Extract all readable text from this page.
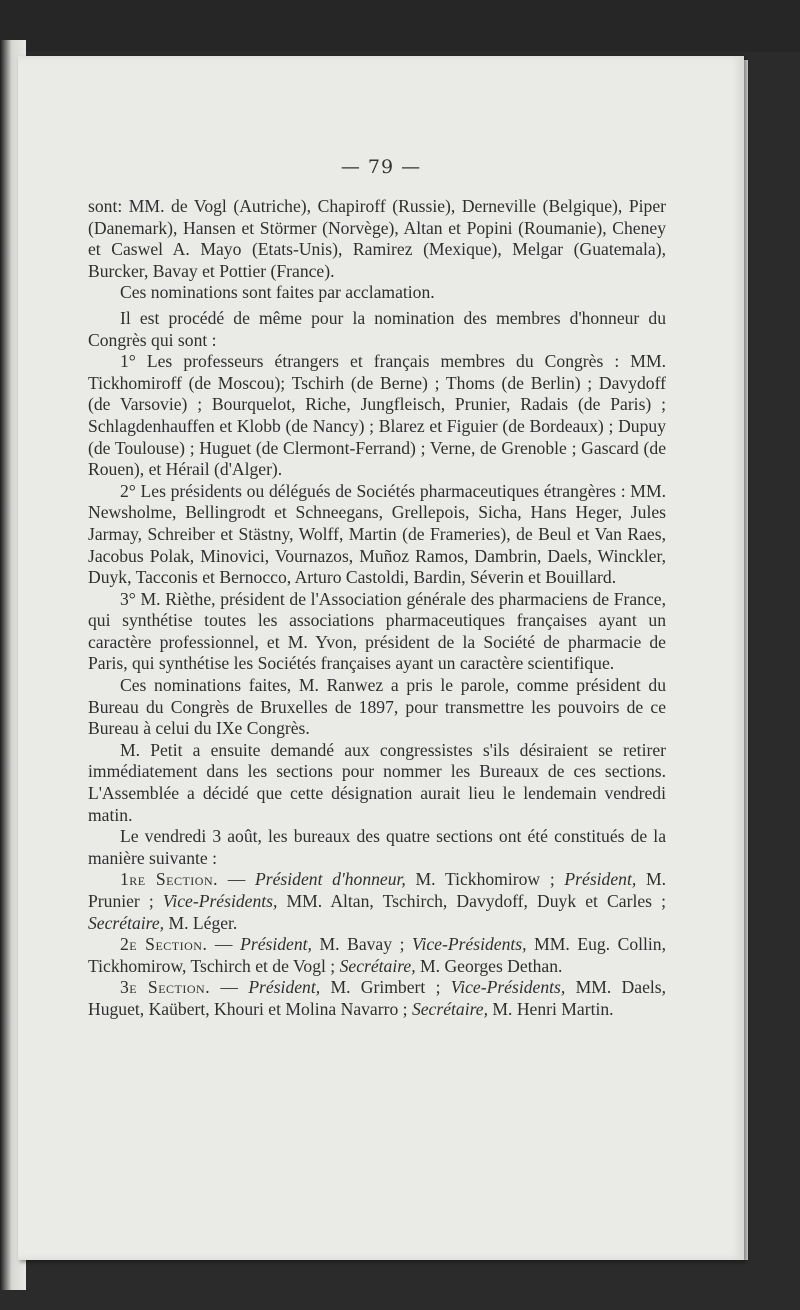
— 79 —

sont: MM. de Vogl (Autriche), Chapiroff (Russie), Derneville (Belgique), Piper (Danemark), Hansen et Störmer (Norvège), Altan et Popini (Roumanie), Cheney et Caswel A. Mayo (Etats-Unis), Ramirez (Mexique), Melgar (Guatemala), Burcker, Bavay et Pottier (France).

Ces nominations sont faites par acclamation.

Il est procédé de même pour la nomination des membres d'honneur du Congrès qui sont :

1° Les professeurs étrangers et français membres du Congrès : MM. Tickhomiroff (de Moscou); Tschirh (de Berne) ; Thoms (de Berlin) ; Davydoff (de Varsovie) ; Bourquelot, Riche, Jungfleisch, Prunier, Radais (de Paris) ; Schlagdenhauffen et Klobb (de Nancy) ; Blarez et Figuier (de Bordeaux) ; Dupuy (de Toulouse) ; Huguet (de Clermont-Ferrand) ; Verne, de Grenoble ; Gascard (de Rouen), et Hérail (d'Alger).

2° Les présidents ou délégués de Sociétés pharmaceutiques étrangères : MM. Newsholme, Bellingrodt et Schneegans, Grellepois, Sicha, Hans Heger, Jules Jarmay, Schreiber et Stästny, Wolff, Martin (de Frameries), de Beul et Van Raes, Jacobus Polak, Minovici, Vournazos, Muñoz Ramos, Dambrin, Daels, Winckler, Duyk, Tacconis et Bernocco, Arturo Castoldi, Bardin, Séverin et Bouillard.

3° M. Rièthe, président de l'Association générale des pharmaciens de France, qui synthétise toutes les associations pharmaceutiques françaises ayant un caractère professionnel, et M. Yvon, président de la Société de pharmacie de Paris, qui synthétise les Sociétés françaises ayant un caractère scientifique.

Ces nominations faites, M. Ranwez a pris le parole, comme président du Bureau du Congrès de Bruxelles de 1897, pour transmettre les pouvoirs de ce Bureau à celui du IXe Congrès.

M. Petit a ensuite demandé aux congressistes s'ils désiraient se retirer immédiatement dans les sections pour nommer les Bureaux de ces sections. L'Assemblée a décidé que cette désignation aurait lieu le lendemain vendredi matin.

Le vendredi 3 août, les bureaux des quatre sections ont été constitués de la manière suivante :

1re Section. — Président d'honneur, M. Tickhomirow ; Président, M. Prunier ; Vice-Présidents, MM. Altan, Tschirch, Davydoff, Duyk et Carles ; Secrétaire, M. Léger.

2e Section. — Président, M. Bavay ; Vice-Présidents, MM. Eug. Collin, Tickhomirow, Tschirch et de Vogl ; Secrétaire, M. Georges Dethan.

3e Section. — Président, M. Grimbert ; Vice-Présidents, MM. Daels, Huguet, Kaübert, Khouri et Molina Navarro ; Secrétaire, M. Henri Martin.
